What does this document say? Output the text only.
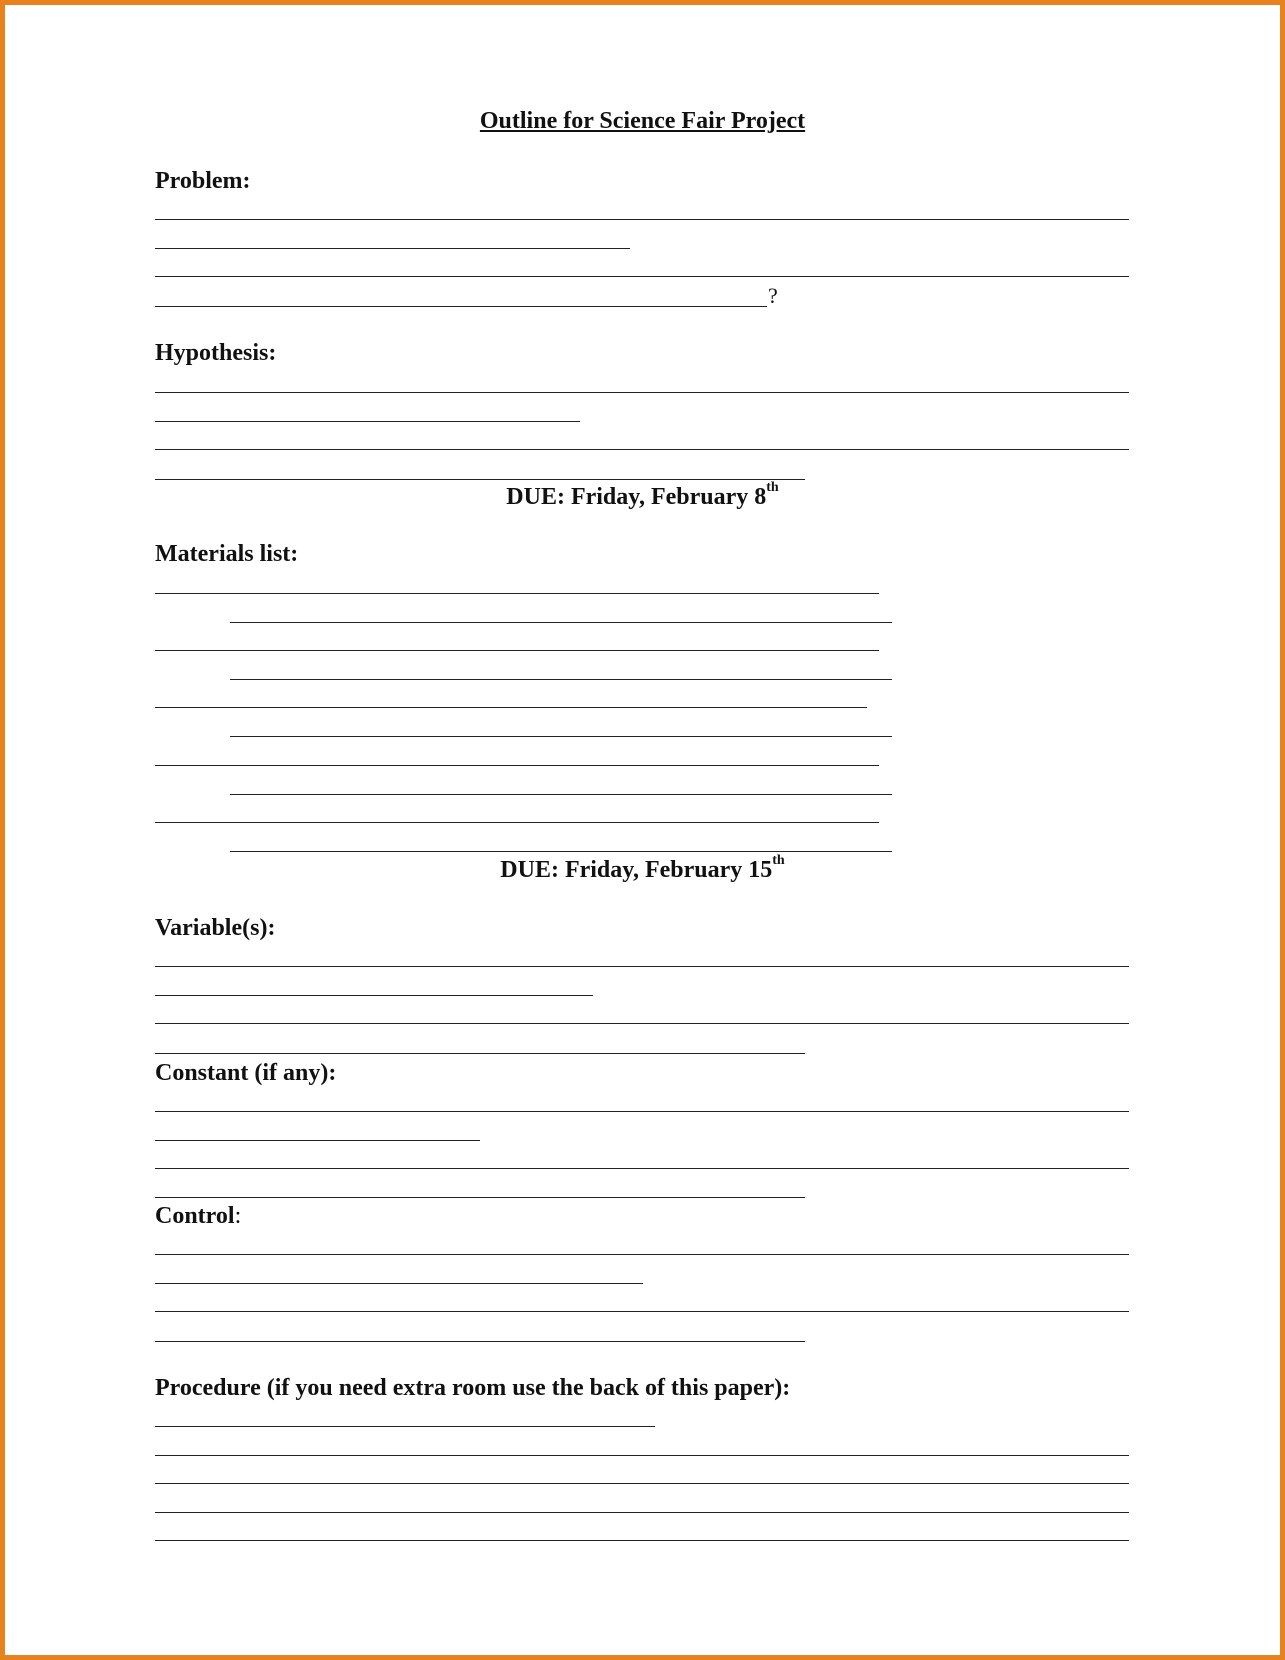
Outline for Science Fair Project
Problem:
?
Hypothesis:
DUE: Friday, February 8th
Materials list:
DUE: Friday, February 15th
Variable(s):
Constant (if any):
Control:
Procedure (if you need extra room use the back of this paper):
